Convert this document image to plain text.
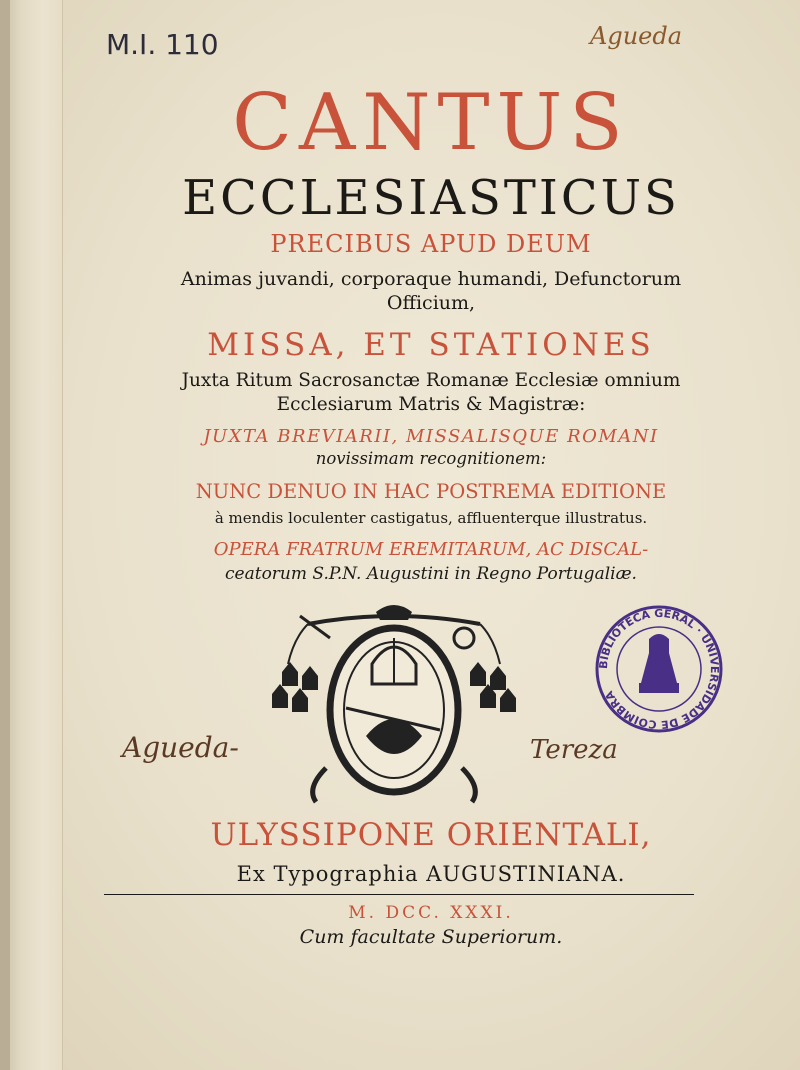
M.I. 110	Agueda
CANTUS
ECCLESIASTICUS
PRECIBUS APUD DEUM
Animas juvandi, corporaque humandi, Defunctorum
Officium,
MISSA, ET STATIONES
Juxta Ritum Sacrosanctæ Romanæ Ecclesiæ omnium
Ecclesiarum Matris & Magistræ:
JUXTA BREVIARII, MISSALISQUE ROMANI
novissimam recognitionem:
NUNC DENUO IN HAC POSTREMA EDITIONE
à mendis loculenter castigatus, affluenterque illustratus.
OPERA FRATRUM EREMITARUM, AC DISCAL-
ceatorum S.P.N. Augustini in Regno Portugaliæ.
Agueda-	Tereza
BIBLIOTECA GERAL · UNIVERSIDADE DE COIMBRA
ULYSSIPONE ORIENTALI,
Ex Typographia AUGUSTINIANA.
M. DCC. XXXI.
Cum facultate Superiorum.
